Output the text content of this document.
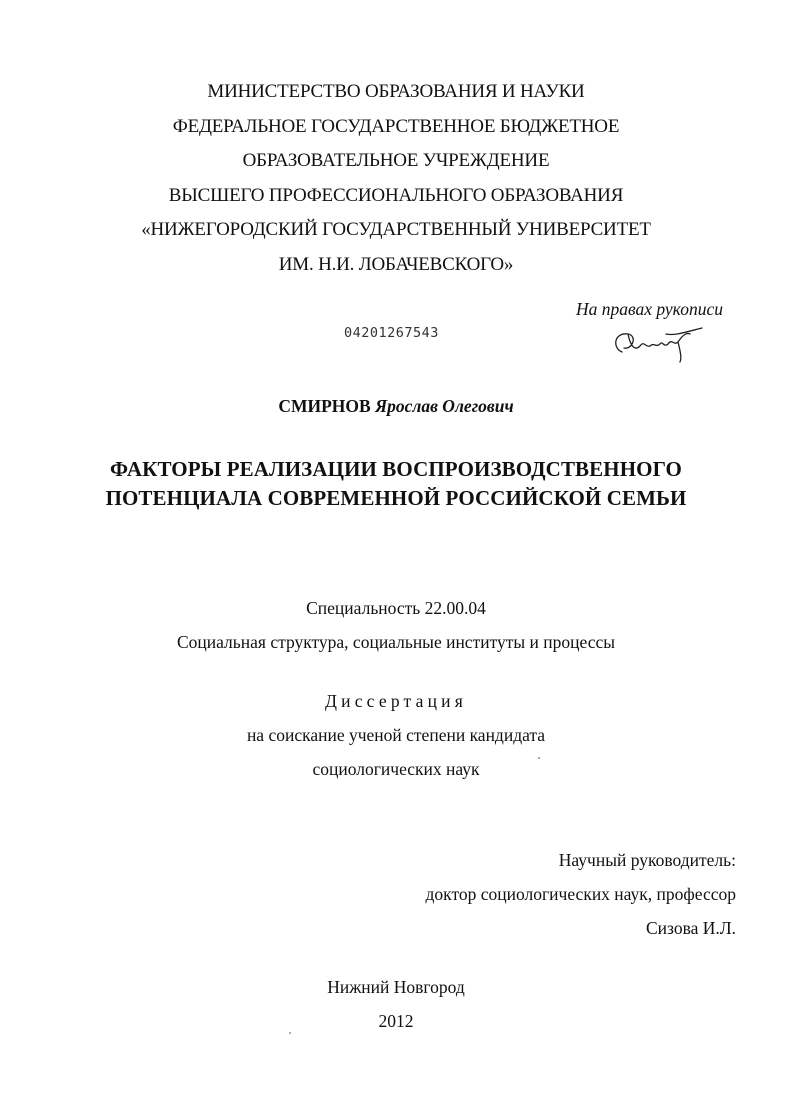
МИНИСТЕРСТВО ОБРАЗОВАНИЯ И НАУКИ
ФЕДЕРАЛЬНОЕ ГОСУДАРСТВЕННОЕ БЮДЖЕТНОЕ
ОБРАЗОВАТЕЛЬНОЕ УЧРЕЖДЕНИЕ
ВЫСШЕГО ПРОФЕССИОНАЛЬНОГО ОБРАЗОВАНИЯ
«НИЖЕГОРОДСКИЙ ГОСУДАРСТВЕННЫЙ УНИВЕРСИТЕТ
ИМ. Н.И. ЛОБАЧЕВСКОГО»
На правах рукописи
04201267543
СМИРНОВ Ярослав Олегович
ФАКТОРЫ РЕАЛИЗАЦИИ ВОСПРОИЗВОДСТВЕННОГО
ПОТЕНЦИАЛА СОВРЕМЕННОЙ РОССИЙСКОЙ СЕМЬИ
Специальность 22.00.04
Социальная структура, социальные институты и процессы
Диссертация
на соискание ученой степени кандидата
социологических наук
Научный руководитель:
доктор социологических наук, профессор
Сизова И.Л.
Нижний Новгород
2012
